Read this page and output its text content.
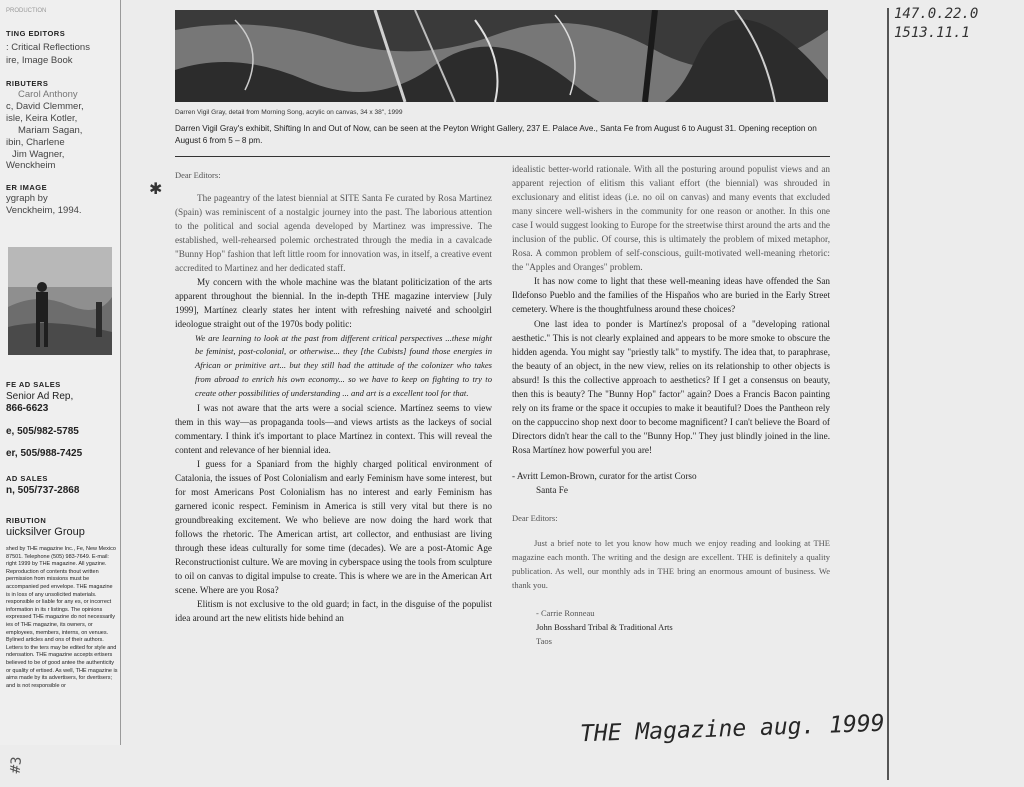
PRODUCTION
TING EDITORS
: Critical Reflections
ire, Image Book
RIBUTERS
Carol Anthony
c, David Clemmer,
isle, Keira Kotler,
Mariam Sagan,
ibin, Charlene
Jim Wagner,
Wenckheim
ER IMAGE
ygraph by
Venckheim, 1994.
FE AD SALES
Senior Ad Rep,
866-6623
e, 505/982-5785
er, 505/988-7425
AD SALES
n, 505/737-2868
RIBUTION
uicksilver Group
shed by THE magazine Inc., Fe, New Mexico 87501. Telephone (505) 983-7649. E-mail: right 1999 by THE magazine. All ygazine. Reproduction of contents thout written permission from missions must be accompanied ped envelope. THE magazine is in loss of any unsolicited materials. responsible or liable for any es, or incorrect information in its r listings. The opinions expressed THE magazine do not necessarily ies of THE magazine, its owners, or employees, members, interns, on venues. Bylined articles and ons of their authors. Letters to the ters may be edited for style and ndensation. THE magazine accepts ertisers believed to be of good antee the authenticity or quality of ertised. As well, THE magazine is aims made by its advertisers, for dvertisers; and is not responsible or
Darren Vigil Gray, detail from Morning Song, acrylic on canvas, 34 x 38", 1999
Darren Vigil Gray's exhibit, Shifting In and Out of Now, can be seen at the Peyton Wright Gallery, 237 E. Palace Ave., Santa Fe from August 6 to August 31. Opening reception on August 6 from 5 – 8 pm.
147.0.22.0
1513.11.1
✱

Dear Editors:

The pageantry of the latest biennial at SITE Santa Fe curated by Rosa Martinez (Spain) was reminiscent of a nostalgic journey into the past. The laborious attention to the political and social agenda developed by Martinez was impressive. The established, well-rehearsed polemic orchestrated through the media in a cavalcade "Bunny Hop" fashion that left little room for innovation was, in itself, a creative event accredited to Martinez and her dedicated staff.

My concern with the whole machine was the blatant politicization of the arts apparent throughout the biennial. In the in-depth THE magazine interview [July 1999], Martínez clearly states her intent with refreshing naiveté and schoolgirl ideologue straight out of the 1970s body politic:

We are learning to look at the past from different critical perspectives ...these might be feminist, post-colonial, or otherwise... they [the Cubists] found those energies in African or primitive art... but they still had the attitude of the colonizer who takes from abroad to enrich his own economy... so we have to keep on fighting to try to create other possibilities of understanding ... and art is a excellent tool for that.

I was not aware that the arts were a social science. Martínez seems to view them in this way—as propaganda tools—and views artists as the lackeys of social commentary. I think it's important to place Martínez in context. This will reveal the content and relevance of her biennial idea.

I guess for a Spaniard from the highly charged political environment of Catalonia, the issues of Post Colonialism and early Feminism have some interest, but for most Americans Post Colonialism has no interest and early Feminism has garnered iconic respect. Feminism in America is still very vital but there is no groundbreaking excitement. We who believe are now doing the hard work that follows the rhetoric. The American artist, art collector, and enthusiast are living through these ideas culturally for some time (decades). We are a post-Atomic Age Reconstructionist culture. We are moving in cyberspace using the tools from sculpture to oil on canvas to digital impulse to create. This is where we are in the American Art scene. Where are you Rosa?

Elitism is not exclusive to the old guard; in fact, in the disguise of the populist idea around art the new elitists hide behind an

idealistic better-world rationale. With all the posturing around populist views and an apparent rejection of elitism this valiant effort (the biennial) was shrouded in exclusionary and elitist ideas (i.e. no oil on canvas) and many events that excluded many sincere well-wishers in the community for one reason or another. In this one case I would suggest looking to Europe for the streetwise thirst around the arts and the inclusion of the public. Of course, this is ultimately the problem of mixed metaphor, Rosa. A common problem of self-conscious, guilt-motivated well-meaning rhetoric: the "Apples and Oranges" problem.

It has now come to light that these well-meaning ideas have offended the San Ildefonso Pueblo and the families of the Hispaños who are buried in the Early Street cemetery. Where is the thoughtfulness around these choices?

One last idea to ponder is Martínez's proposal of a "developing rational aesthetic." This is not clearly explained and appears to be more smoke to obscure the hidden agenda. You might say "priestly talk" to mystify. The idea that, to paraphrase, the beauty of an object, in the new view, relies on its relationship to other objects is absurd! Is this the collective approach to aesthetics? If I get a consensus on beauty, then this is beauty? The "Bunny Hop" factor" again? Does a Francis Bacon painting rely on its frame or the space it occupies to make it beautiful? Does the Pantheon rely on the cappuccino shop next door to become magnificent? I can't believe the Board of Directors didn't hear the call to the "Bunny Hop." They just blindly joined in the line. Rosa Martínez how powerful you are!

- Avritt Lemon-Brown, curator for the artist Corso

Santa Fe

Dear Editors:

Just a brief note to let you know how much we enjoy reading and looking at THE magazine each month. The writing and the design are excellent. THE is definitely a quality publication. As well, our monthly ads in THE bring an enormous amount of business. We thank you.

- Carrie Ronneau

John Bosshard Tribal & Traditional Arts

Taos

THE Magazine aug. 1999
#3
